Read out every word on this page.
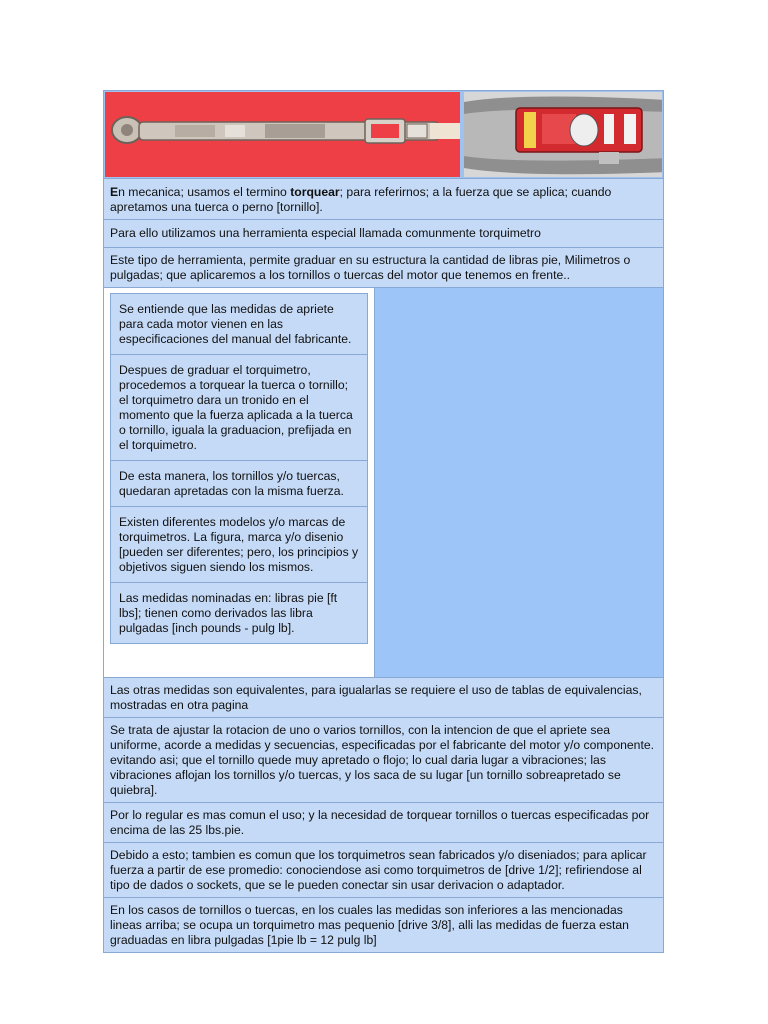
En mecanica; usamos el termino torquear; para referirnos; a la fuerza que se aplica; cuando apretamos una tuerca o perno [tornillo].
Para ello utilizamos una herramienta especial llamada comunmente torquimetro
Este tipo de herramienta, permite graduar en su estructura la cantidad de libras pie, Milimetros o pulgadas; que aplicaremos a los tornillos o tuercas del motor que tenemos en frente..
Se entiende que las medidas de apriete para cada motor vienen en las especificaciones del manual del fabricante.
Despues de graduar el torquimetro, procedemos a torquear la tuerca o tornillo; el torquimetro dara un tronido en el momento que la fuerza aplicada a la tuerca o tornillo, iguala la graduacion, prefijada en el torquimetro.
De esta manera, los tornillos y/o tuercas, quedaran apretadas con la misma fuerza.
Existen diferentes modelos y/o marcas de torquimetros. La figura, marca y/o disenio [pueden ser diferentes; pero, los principios y objetivos siguen siendo los mismos.
Las medidas nominadas en: libras pie [ft lbs]; tienen como derivados las libra pulgadas [inch pounds - pulg lb].
Las otras medidas son equivalentes, para igualarlas se requiere el uso de tablas de equivalencias, mostradas en otra pagina
Se trata de ajustar la rotacion de uno o varios tornillos, con la intencion de que el apriete sea uniforme, acorde a medidas y secuencias, especificadas por el fabricante del motor y/o componente. evitando asi; que el tornillo quede muy apretado o flojo; lo cual daria lugar a vibraciones; las vibraciones aflojan los tornillos y/o tuercas, y los saca de su lugar [un tornillo sobreapretado se quiebra].
Por lo regular es mas comun el uso; y la necesidad de torquear tornillos o tuercas especificadas por encima de las 25 lbs.pie.
Debido a esto; tambien es comun que los torquimetros sean fabricados y/o diseniados; para aplicar fuerza a partir de ese promedio: conociendose asi como torquimetros de [drive 1/2]; refiriendose al tipo de dados o sockets, que se le pueden conectar sin usar derivacion o adaptador.
En los casos de tornillos o tuercas, en los cuales las medidas son inferiores a las mencionadas lineas arriba; se ocupa un torquimetro mas pequenio [drive 3/8], alli las medidas de fuerza estan graduadas en libra pulgadas [1pie lb = 12 pulg lb]
